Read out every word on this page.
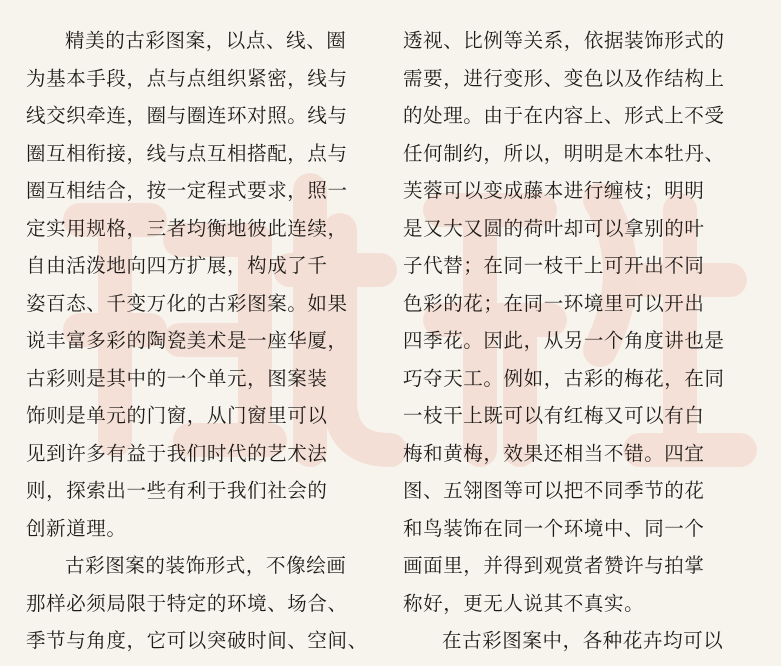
精美的古彩图案，以点、线、圈
为基本手段，点与点组织紧密，线与
线交织牵连，圈与圈连环对照。线与
圈互相衔接，线与点互相搭配，点与
圈互相结合，按一定程式要求，照一
定实用规格，三者均衡地彼此连续，
自由活泼地向四方扩展，构成了千
姿百态、千变万化的古彩图案。如果
说丰富多彩的陶瓷美术是一座华厦，
古彩则是其中的一个单元，图案装
饰则是单元的门窗，从门窗里可以
见到许多有益于我们时代的艺术法
则，探索出一些有利于我们社会的
创新道理。
古彩图案的装饰形式，不像绘画
那样必须局限于特定的环境、场合、
季节与角度，它可以突破时间、空间、
透视、比例等关系，依据装饰形式的
需要，进行变形、变色以及作结构上
的处理。由于在内容上、形式上不受
任何制约，所以，明明是木本牡丹、
芙蓉可以变成藤本进行缠枝；明明
是又大又圆的荷叶却可以拿别的叶
子代替；在同一枝干上可开出不同
色彩的花；在同一环境里可以开出
四季花。因此，从另一个角度讲也是
巧夺天工。例如，古彩的梅花，在同
一枝干上既可以有红梅又可以有白
梅和黄梅，效果还相当不错。四宜
图、五翎图等可以把不同季节的花
和鸟装饰在同一个环境中、同一个
画面里，并得到观赏者赞许与拍掌
称好，更无人说其不真实。
在古彩图案中，各种花卉均可以
